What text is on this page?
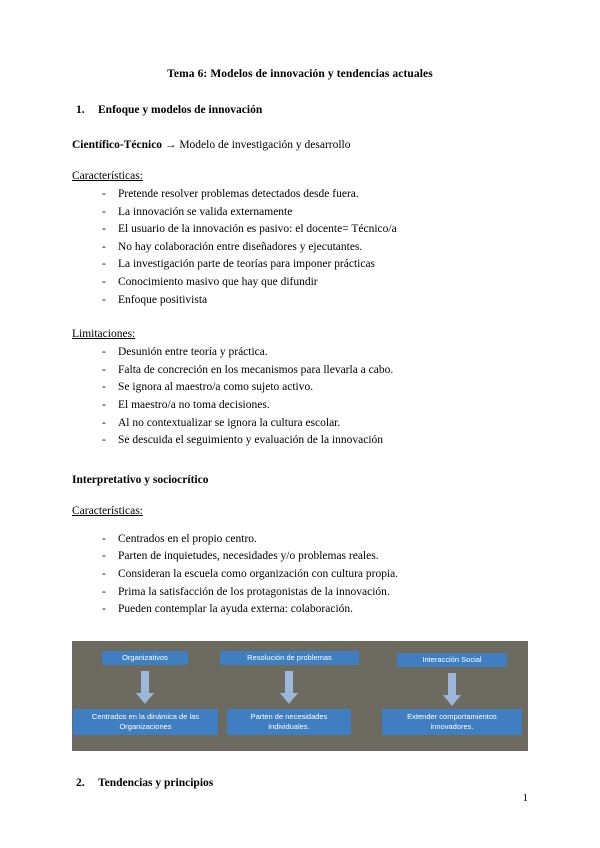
Tema 6: Modelos de innovación y tendencias actuales
1. Enfoque y modelos de innovación
Científico-Técnico → Modelo de investigación y desarrollo
Características:
- Pretende resolver problemas detectados desde fuera.
- La innovación se valida externamente
- El usuario de la innovación es pasivo: el docente= Técnico/a
- No hay colaboración entre diseñadores y ejecutantes.
- La investigación parte de teorías para imponer prácticas
- Conocimiento masivo que hay que difundir
- Enfoque positivista
Limitaciones:
- Desunión entre teoría y práctica.
- Falta de concreción en los mecanismos para llevarla a cabo.
- Se ignora al maestro/a como sujeto activo.
- El maestro/a no toma decisiones.
- Al no contextualizar se ignora la cultura escolar.
- Se descuida el seguimiento y evaluación de la innovación
Interpretativo y sociocrítico
Características:
- Centrados en el propio centro.
- Parten de inquietudes, necesidades y/o problemas reales.
- Consideran la escuela como organización con cultura propia.
- Prima la satisfacción de los protagonistas de la innovación.
- Pueden contemplar la ayuda externa: colaboración.
Organizativos
Centrados en la dinámica de las Organizaciones
Resolución de problemas
Parten de necesidades individuales.
Interacción Social
Extender comportamientos innovadores.
2. Tendencias y principios
1
